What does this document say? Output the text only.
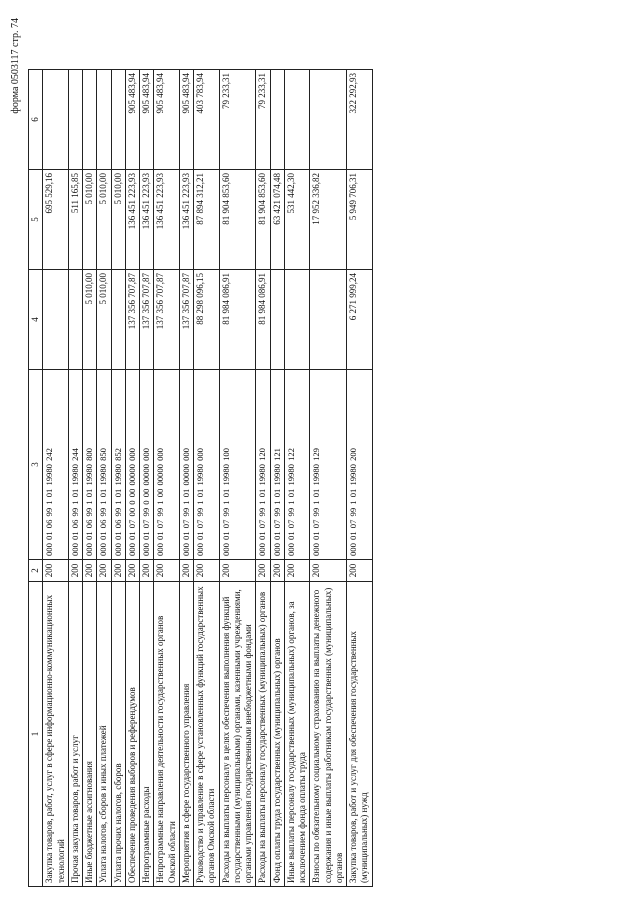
форма 0503117 стр. 74
1	2	3	4	5	6
Закупка товаров, работ, услуг в сфере информационно-коммуникационных технологий	200	000 01 06 99 1 01 19980 242		695 529,16	
Прочая закупка товаров, работ и услуг	200	000 01 06 99 1 01 19980 244		511 165,85	
Иные бюджетные ассигнования	200	000 01 06 99 1 01 19980 800	5 010,00	5 010,00	
Уплата налогов, сборов и иных платежей	200	000 01 06 99 1 01 19980 850	5 010,00	5 010,00	
Уплата прочих налогов, сборов	200	000 01 06 99 1 01 19980 852		5 010,00	
Обеспечение проведения выборов и референдумов	200	000 01 07 00 0 00 00000 000	137 356 707,87	136 451 223,93	905 483,94
Непрограммные расходы	200	000 01 07 99 0 00 00000 000	137 356 707,87	136 451 223,93	905 483,94
Непрограммные направления деятельности государственных органов Омской области	200	000 01 07 99 1 00 00000 000	137 356 707,87	136 451 223,93	905 483,94
Мероприятия в сфере государственного управления	200	000 01 07 99 1 01 00000 000	137 356 707,87	136 451 223,93	905 483,94
Руководство и управление в сфере установленных функций государственных органов Омской области	200	000 01 07 99 1 01 19980 000	88 298 096,15	87 894 312,21	403 783,94
Расходы на выплаты персоналу в целях обеспечения выполнения функций государственными (муниципальными) органами, казенными учреждениями, органами управления государственными внебюджетными фондами	200	000 01 07 99 1 01 19980 100	81 984 086,91	81 904 853,60	79 233,31
Расходы на выплаты персоналу государственных (муниципальных) органов	200	000 01 07 99 1 01 19980 120	81 984 086,91	81 904 853,60	79 233,31
Фонд оплаты труда государственных (муниципальных) органов	200	000 01 07 99 1 01 19980 121		63 421 074,48	
Иные выплаты персоналу государственных (муниципальных) органов, за исключением фонда оплаты труда	200	000 01 07 99 1 01 19980 122		531 442,30	
Взносы по обязательному социальному страхованию на выплаты денежного содержания и иные выплаты работникам государственных (муниципальных) органов	200	000 01 07 99 1 01 19980 129		17 952 336,82	
Закупка товаров, работ и услуг для обеспечения государственных (муниципальных) нужд	200	000 01 07 99 1 01 19980 200	6 271 999,24	5 949 706,31	322 292,93
